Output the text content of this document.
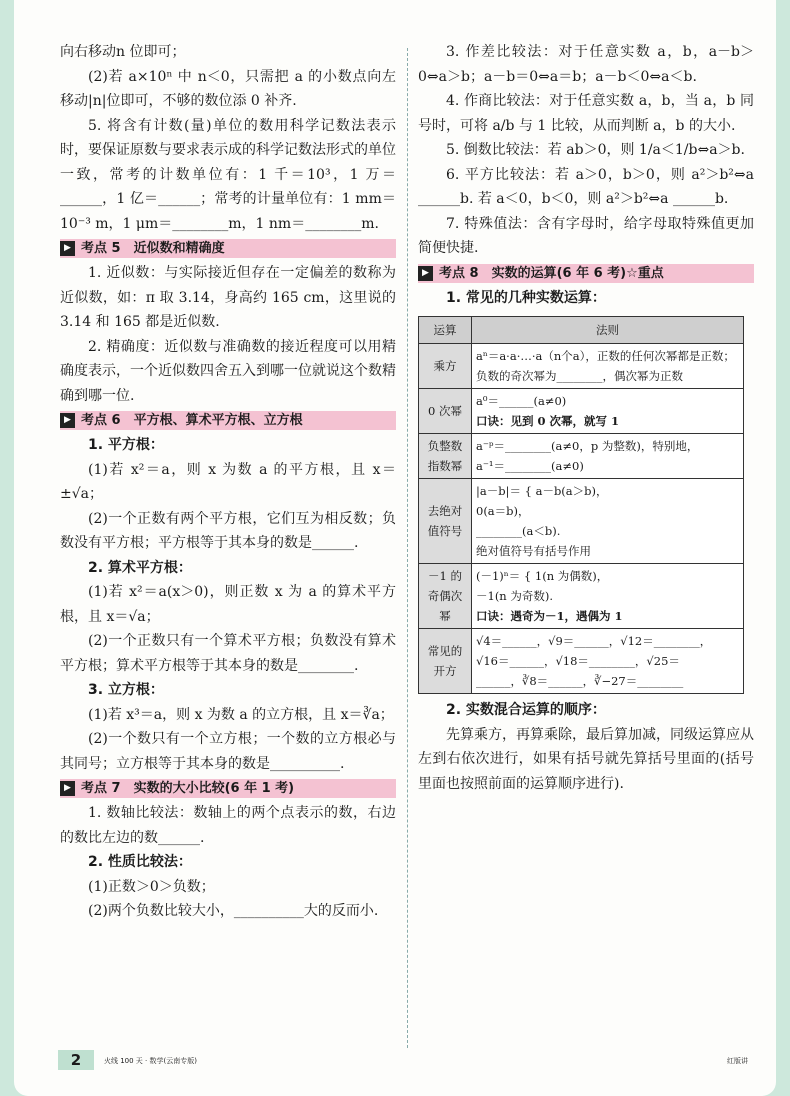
向右移动n 位即可；

(2)若 a×10ⁿ 中 n＜0，只需把 a 的小数点向左移动|n|位即可，不够的数位添 0 补齐.

5. 将含有计数(量)单位的数用科学记数法表示时，要保证原数与要求表示成的科学记数法形式的单位一致，常考的计数单位有：1 千＝10³，1 万＝______，1 亿＝______；常考的计量单位有：1 mm＝10⁻³ m，1 μm＝________m，1 nm＝________m.

▶ 考点 5　近似数和精确度

1. 近似数：与实际接近但存在一定偏差的数称为近似数，如：π 取 3.14，身高约 165 cm，这里说的 3.14 和 165 都是近似数.

2. 精确度：近似数与准确数的接近程度可以用精确度表示，一个近似数四舍五入到哪一位就说这个数精确到哪一位.

▶ 考点 6　平方根、算术平方根、立方根

1. 平方根：

(1)若 x²＝a，则 x 为数 a 的平方根，且 x＝±√a；

(2)一个正数有两个平方根，它们互为相反数；负数没有平方根；平方根等于其本身的数是______.

2. 算术平方根：

(1)若 x²＝a(x＞0)，则正数 x 为 a 的算术平方根，且 x＝√a；

(2)一个正数只有一个算术平方根；负数没有算术平方根；算术平方根等于其本身的数是________.

3. 立方根：

(1)若 x³＝a，则 x 为数 a 的立方根，且 x＝∛a；

(2)一个数只有一个立方根；一个数的立方根必与其同号；立方根等于其本身的数是__________.

▶ 考点 7　实数的大小比较(6 年 1 考)

1. 数轴比较法：数轴上的两个点表示的数，右边的数比左边的数______.

2. 性质比较法：

(1)正数＞0＞负数；

(2)两个负数比较大小，__________大的反而小.

3. 作差比较法：对于任意实数 a，b，a－b＞0⇔a＞b；a－b＝0⇔a＝b；a－b＜0⇔a＜b.

4. 作商比较法：对于任意实数 a，b，当 a，b 同号时，可将 a/b 与 1 比较，从而判断 a，b 的大小.

5. 倒数比较法：若 ab＞0，则 1/a＜1/b⇔a＞b.

6. 平方比较法：若 a＞0，b＞0，则 a²＞b²⇔a ______b. 若 a＜0，b＜0，则 a²＞b²⇔a ______b.

7. 特殊值法：含有字母时，给字母取特殊值更加简便快捷.

▶ 考点 8　实数的运算(6 年 6 考)☆重点

1. 常见的几种实数运算：

运算	法则
乘方	aⁿ＝a·a·…·a（n个a），正数的任何次幂都是正数；负数的奇次幂为________，偶次幂为正数

0 次幂	a⁰＝______(a≠0)
口诀：见到 0 次幂，就写 1

负整数指数幂	a⁻ᵖ＝________(a≠0，p 为整数)，特别地，
a⁻¹＝________(a≠0)

去绝对值符号	|a－b|＝ { a－b(a＞b)，
0(a＝b)，
________(a＜b).
绝对值符号有括号作用

－1 的奇偶次幂	(－1)ⁿ＝ { 1(n 为偶数)，
－1(n 为奇数).
口诀：遇奇为－1，遇偶为 1

常见的开方	√4＝______，√9＝______，√12＝________，
√16＝______，√18＝________，√25＝
______，∛8＝______，∛−27＝________

2. 实数混合运算的顺序：

先算乘方，再算乘除，最后算加减，同级运算应从左到右依次进行，如果有括号就先算括号里面的(括号里面也按照前面的运算顺序进行).

2	火线 100 天 · 数学(云南专版)	红版讲
